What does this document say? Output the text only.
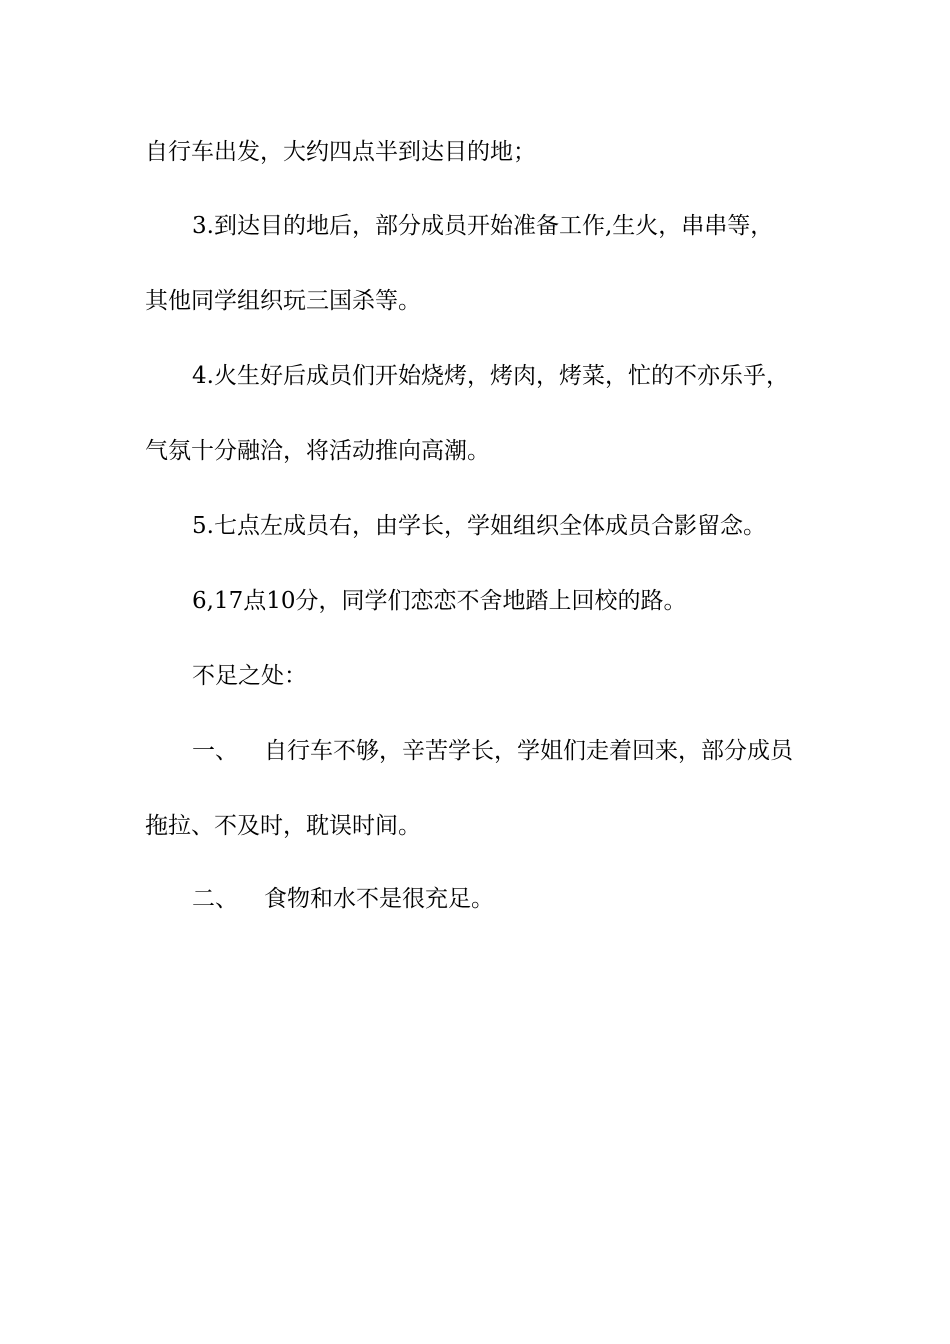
自行车出发，大约四点半到达目的地；
3.到达目的地后，部分成员开始准备工作,生火，串串等，
其他同学组织玩三国杀等。
4.火生好后成员们开始烧烤，烤肉，烤菜，忙的不亦乐乎，
气氛十分融洽，将活动推向高潮。
5.七点左成员右，由学长，学姐组织全体成员合影留念。
6,17点10分，同学们恋恋不舍地踏上回校的路。
不足之处：
一、 自行车不够，辛苦学长，学姐们走着回来，部分成员
拖拉、不及时，耽误时间。
二、 食物和水不是很充足。
